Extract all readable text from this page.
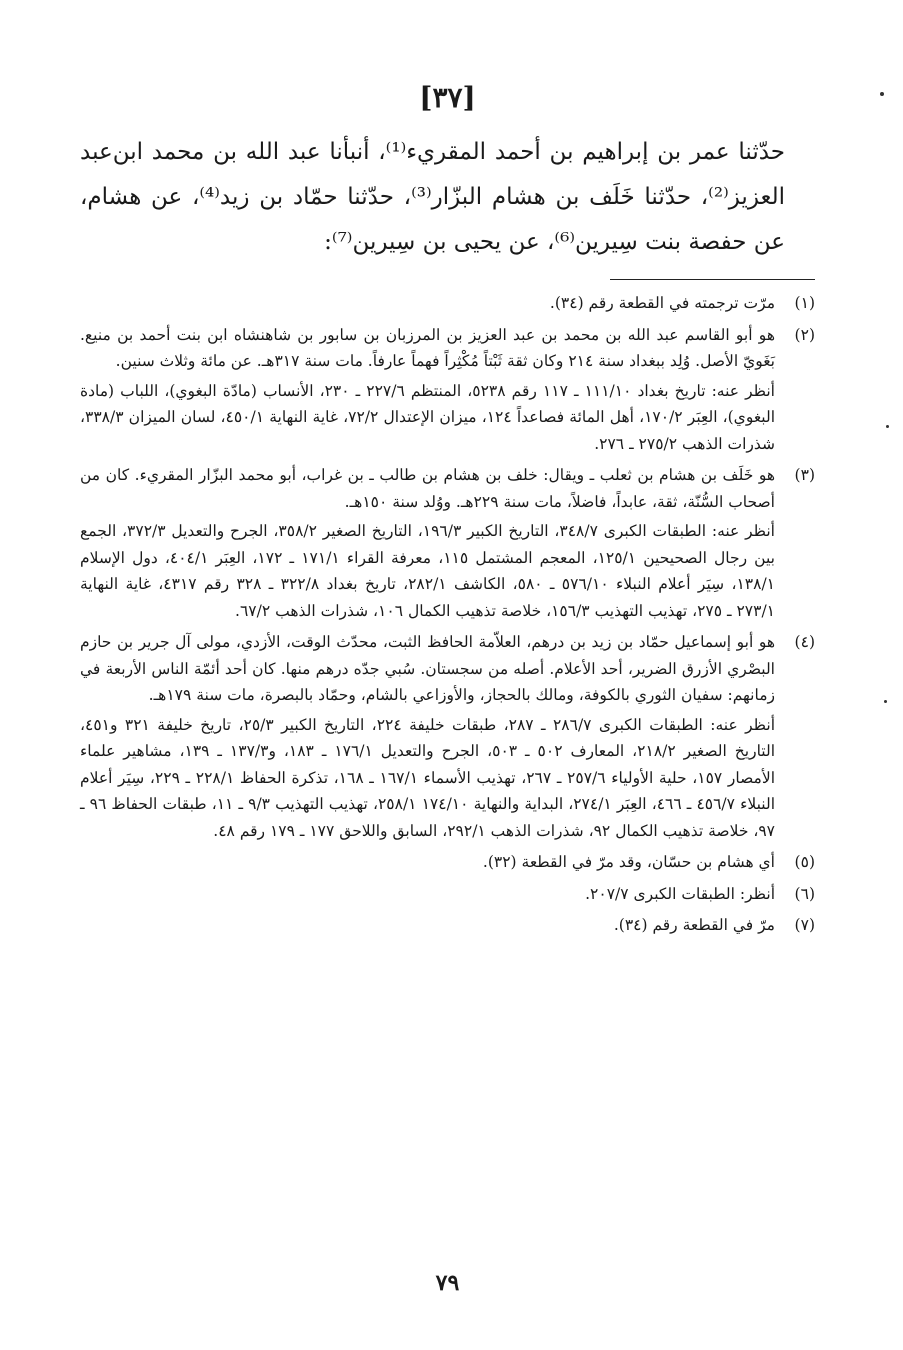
[٣٧]

حدّثنا عمر بن إبراهيم بن أحمد المقريء⁽¹⁾، أنبأنا عبد الله بن محمد ابن‌عبد العزيز⁽²⁾، حدّثنا خَلَف بن هشام البزّار⁽³⁾، حدّثنا حمّاد بن زيد⁽⁴⁾، عن هشام، عن حفصة بنت سِيرين⁽⁶⁾، عن يحيى بن سِيرين⁽⁷⁾:

(١)

مرّت ترجمته في القطعة رقم (٣٤).

(٢)

هو أبو القاسم عبد الله بن محمد بن عبد العزيز بن المرزبان بن سابور بن شاهنشاه ابن بنت أحمد بن منيع. بَغَويّ الأصل. وُلِد ببغداد سنة ٢١٤ وكان ثقة ثَبْتاً مُكْثِراً فهماً عارفاً. مات سنة ٣١٧هـ. عن مائة وثلاث سنين.

أنظر عنه: تاريخ بغداد ١١١/١٠ ـ ١١٧ رقم ٥٢٣٨، المنتظم ٢٢٧/٦ ـ ٢٣٠، الأنساب (مادّة البغوي)، اللباب (مادة البغوي)، العِبَر ١٧٠/٢، أهل المائة فصاعداً ١٢٤، ميزان الإعتدال ٧٢/٢، غاية النهاية ٤٥٠/١، لسان الميزان ٣٣٨/٣، شذرات الذهب ٢٧٥/٢ ـ ٢٧٦.

(٣)

هو خَلَف بن هشام بن ثعلب ـ ويقال: خلف بن هشام بن طالب ـ بن غراب، أبو محمد البزّار المقريء. كان من أصحاب السُّنّة، ثقة، عابداً، فاضلاً، مات سنة ٢٢٩هـ. ووُلد سنة ١٥٠هـ.

أنظر عنه: الطبقات الكبرى ٣٤٨/٧، التاريخ الكبير ١٩٦/٣، التاريخ الصغير ٣٥٨/٢، الجرح والتعديل ٣٧٢/٣، الجمع بين رجال الصحيحين ١٢٥/١، المعجم المشتمل ١١٥، معرفة القراء ١٧١/١ ـ ١٧٢، العِبَر ٤٠٤/١، دول الإسلام ١٣٨/١، سِيَر أعلام النبلاء ٥٧٦/١٠ ـ ٥٨٠، الكاشف ٢٨٢/١، تاريخ بغداد ٣٢٢/٨ ـ ٣٢٨ رقم ٤٣١٧، غاية النهاية ٢٧٣/١ ـ ٢٧٥، تهذيب التهذيب ١٥٦/٣، خلاصة تذهيب الكمال ١٠٦، شذرات الذهب ٦٧/٢.

(٤)

هو أبو إسماعيل حمّاد بن زيد بن درهم، العلاّمة الحافظ الثبت، محدّث الوقت، الأزدي، مولى آل جرير بن حازم البصْري الأزرق الضرير، أحد الأعلام. أصله من سجستان. سُبي جدّه درهم منها. كان أحد أئمّة الناس الأربعة في زمانهم: سفيان الثوري بالكوفة، ومالك بالحجاز، والأوزاعي بالشام، وحمّاد بالبصرة، مات سنة ١٧٩هـ.

أنظر عنه: الطبقات الكبرى ٢٨٦/٧ ـ ٢٨٧، طبقات خليفة ٢٢٤، التاريخ الكبير ٢٥/٣، تاريخ خليفة ٣٢١ و٤٥١، التاريخ الصغير ٢١٨/٢، المعارف ٥٠٢ ـ ٥٠٣، الجرح والتعديل ١٧٦/١ ـ ١٨٣، و١٣٧/٣ ـ ١٣٩، مشاهير علماء الأمصار ١٥٧، حلية الأولياء ٢٥٧/٦ ـ ٢٦٧، تهذيب الأسماء ١٦٧/١ ـ ١٦٨، تذكرة الحفاظ ٢٢٨/١ ـ ٢٢٩، سِيَر أعلام النبلاء ٤٥٦/٧ ـ ٤٦٦، العِبَر ٢٧٤/١، البداية والنهاية ١٧٤/١٠ ٢٥٨/١، تهذيب التهذيب ٩/٣ ـ ١١، طبقات الحفاظ ٩٦ ـ ٩٧، خلاصة تذهيب الكمال ٩٢، شذرات الذهب ٢٩٢/١، السابق واللاحق ١٧٧ ـ ١٧٩ رقم ٤٨.

(٥)

أي هشام بن حسّان، وقد مرّ في القطعة (٣٢).

(٦)

أنظر: الطبقات الكبرى ٢٠٧/٧.

(٧)

مرّ في القطعة رقم (٣٤).

٧٩
